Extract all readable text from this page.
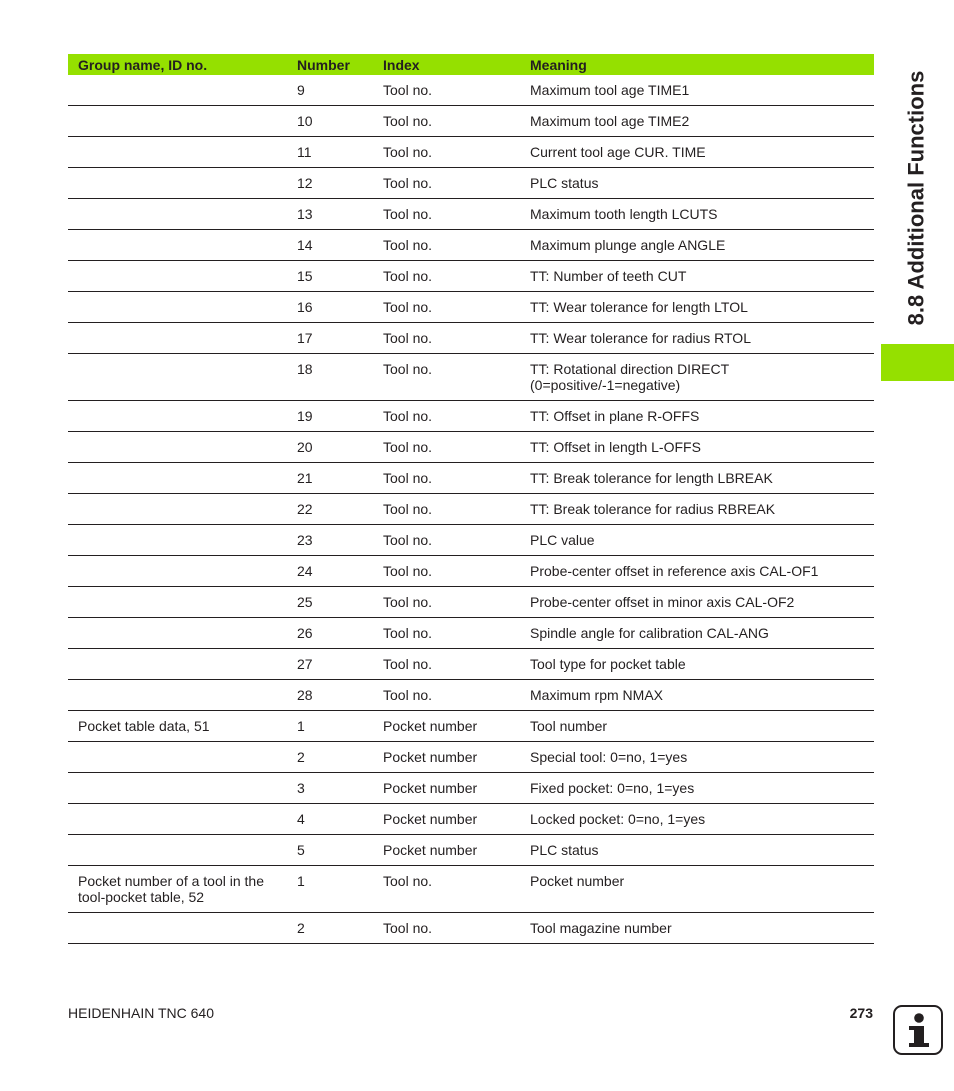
Group name, ID no.	Number	Index	Meaning
	9	Tool no.	Maximum tool age TIME1
	10	Tool no.	Maximum tool age TIME2
	11	Tool no.	Current tool age CUR. TIME
	12	Tool no.	PLC status
	13	Tool no.	Maximum tooth length LCUTS
	14	Tool no.	Maximum plunge angle ANGLE
	15	Tool no.	TT: Number of teeth CUT
	16	Tool no.	TT: Wear tolerance for length LTOL
	17	Tool no.	TT: Wear tolerance for radius RTOL
	18	Tool no.	TT: Rotational direction DIRECT
(0=positive/-1=negative)
	19	Tool no.	TT: Offset in plane R-OFFS
	20	Tool no.	TT: Offset in length L-OFFS
	21	Tool no.	TT: Break tolerance for length LBREAK
	22	Tool no.	TT: Break tolerance for radius RBREAK
	23	Tool no.	PLC value
	24	Tool no.	Probe-center offset in reference axis CAL-OF1
	25	Tool no.	Probe-center offset in minor axis CAL-OF2
	26	Tool no.	Spindle angle for calibration CAL-ANG
	27	Tool no.	Tool type for pocket table
	28	Tool no.	Maximum rpm NMAX
Pocket table data, 51	1	Pocket number	Tool number
	2	Pocket number	Special tool: 0=no, 1=yes
	3	Pocket number	Fixed pocket: 0=no, 1=yes
	4	Pocket number	Locked pocket: 0=no, 1=yes
	5	Pocket number	PLC status
Pocket number of a tool in the
tool-pocket table, 52	1	Tool no.	Pocket number
	2	Tool no.	Tool magazine number
8.8 Additional Functions
HEIDENHAIN TNC 640	273
